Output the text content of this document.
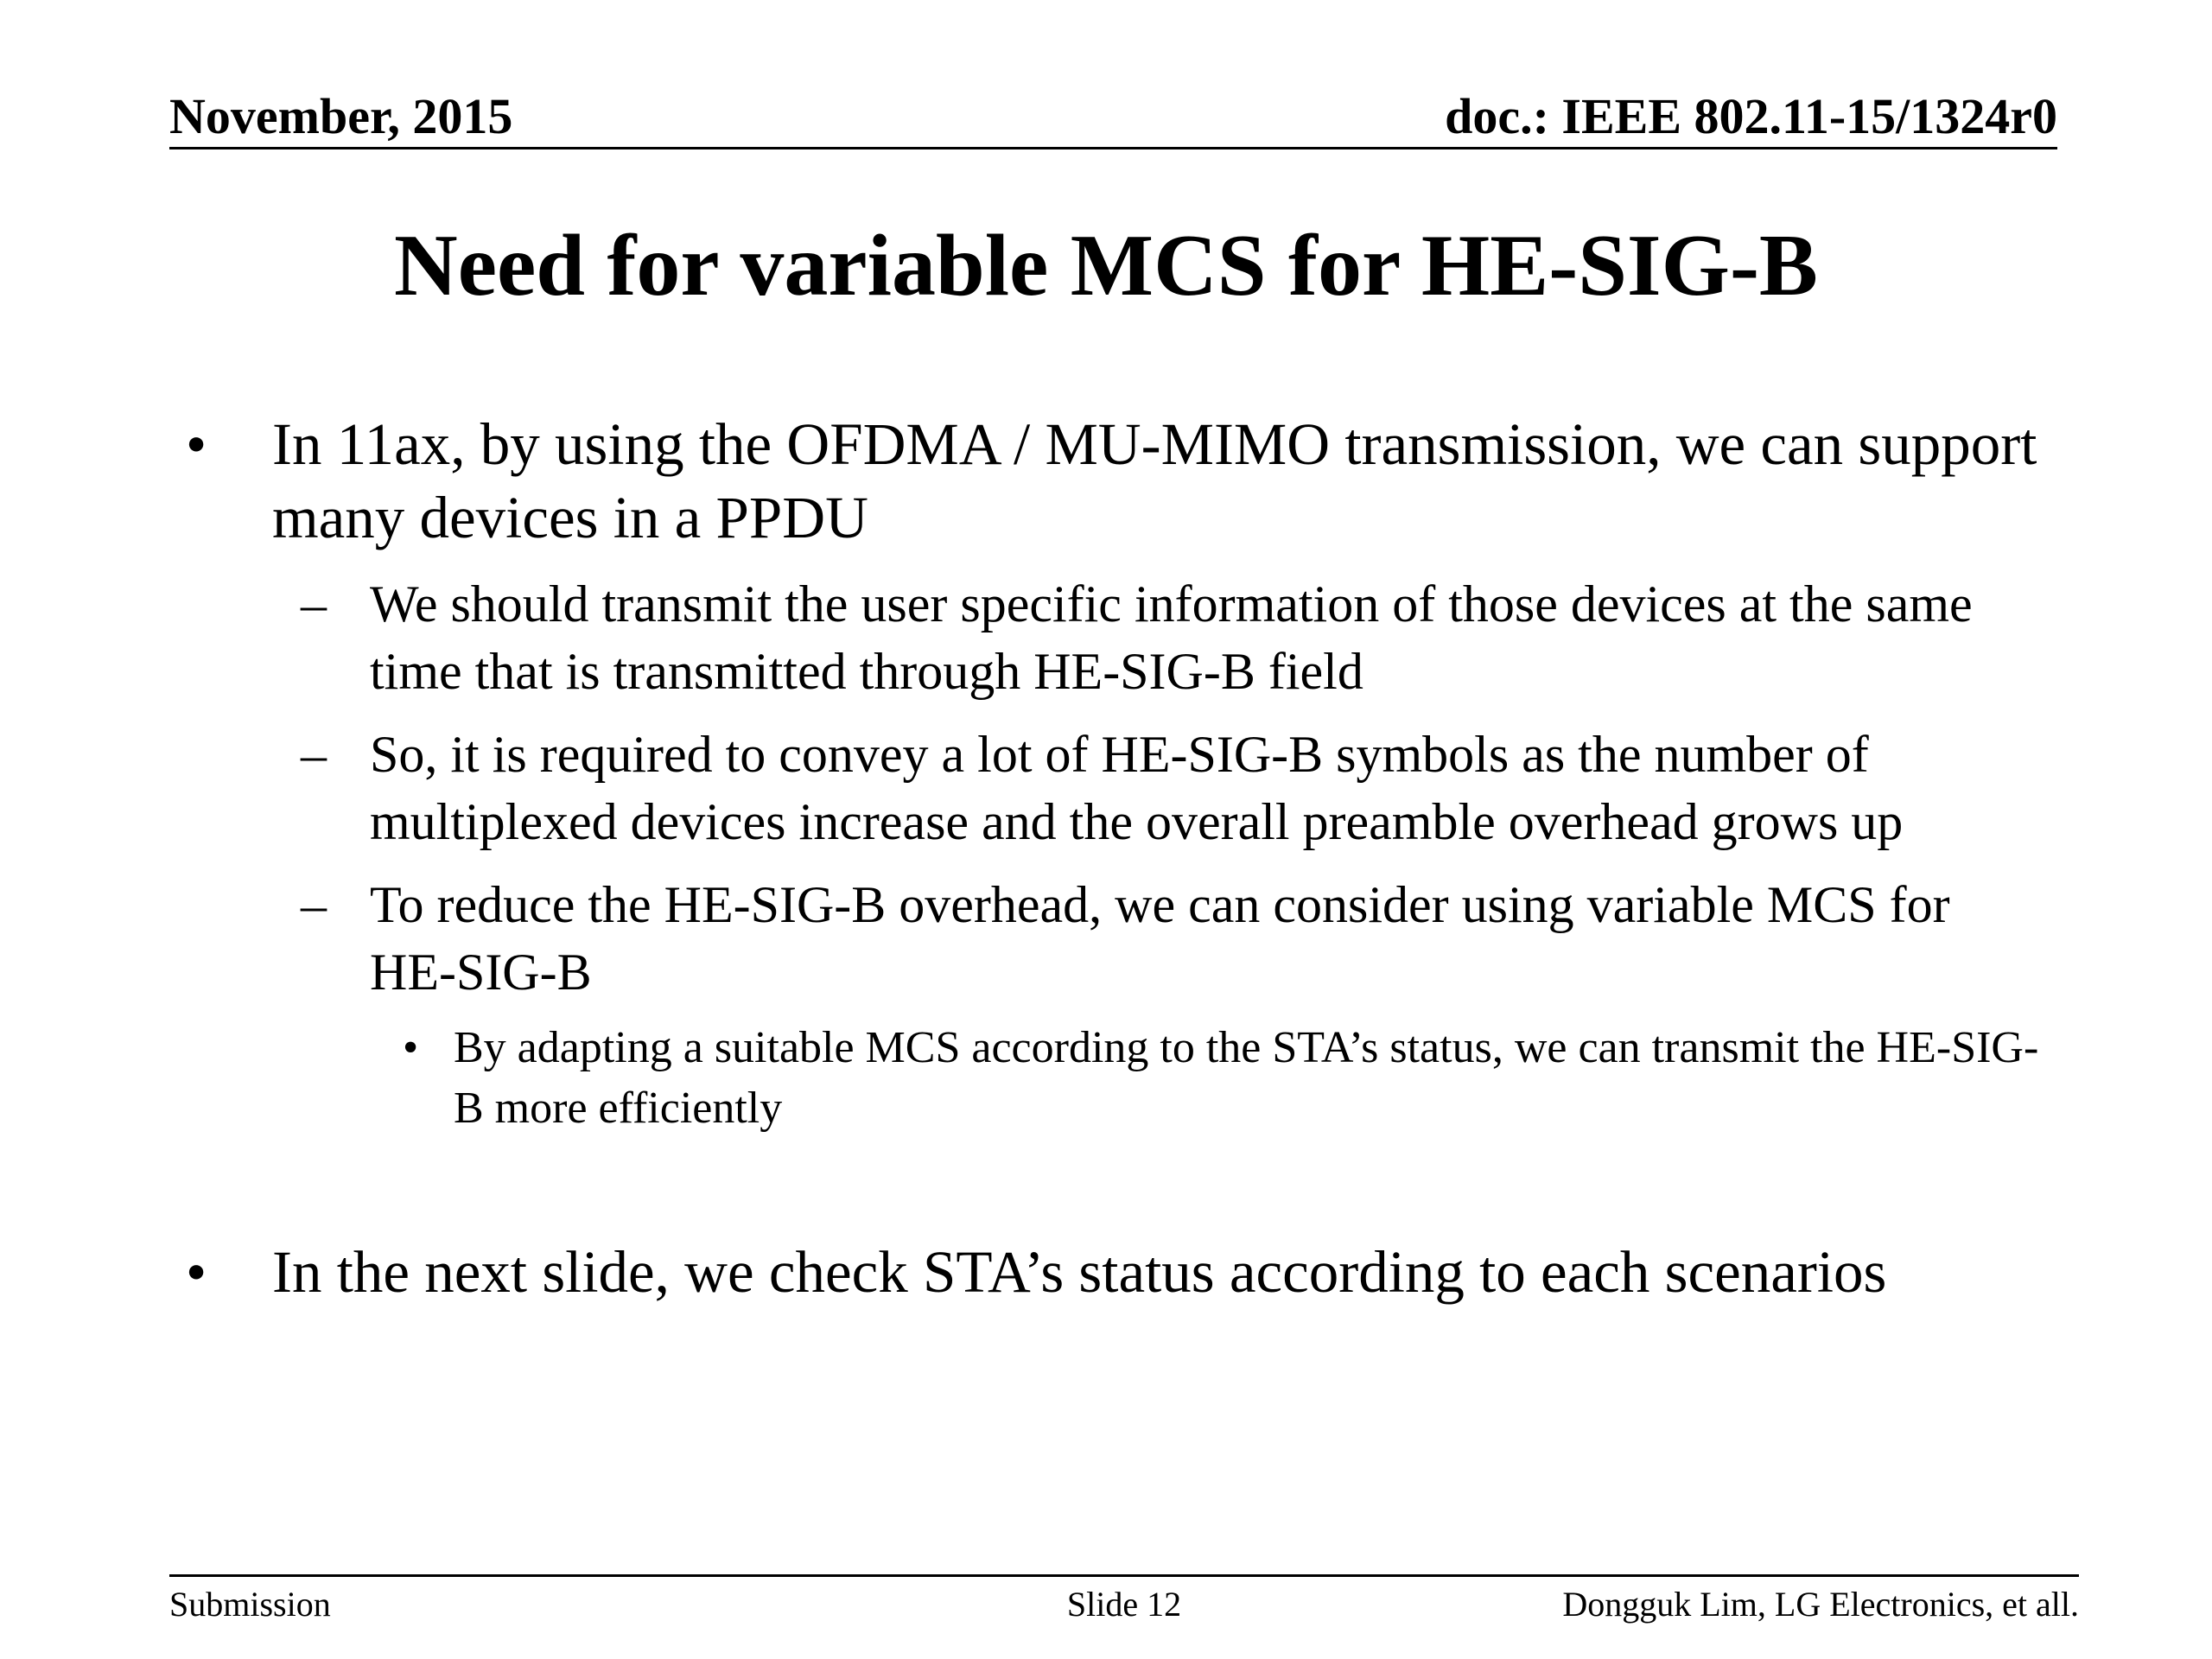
November, 2015	doc.: IEEE 802.11-15/1324r0
Need for variable MCS for HE-SIG-B
• In 11ax, by using the OFDMA / MU-MIMO transmission, we can support many devices in a PPDU
– We should transmit the user specific information of those devices at the same time that is transmitted through HE-SIG-B field
– So, it is required to convey a lot of HE-SIG-B symbols as the number of multiplexed devices increase and the overall preamble overhead grows up
– To reduce the HE-SIG-B overhead, we can consider using variable MCS for HE-SIG-B
• By adapting a suitable MCS according to the STA’s status, we can transmit the HE-SIG-B more efficiently
• In the next slide, we check STA’s status according to each scenarios
Submission	Slide 12	Dongguk Lim, LG Electronics, et all.
